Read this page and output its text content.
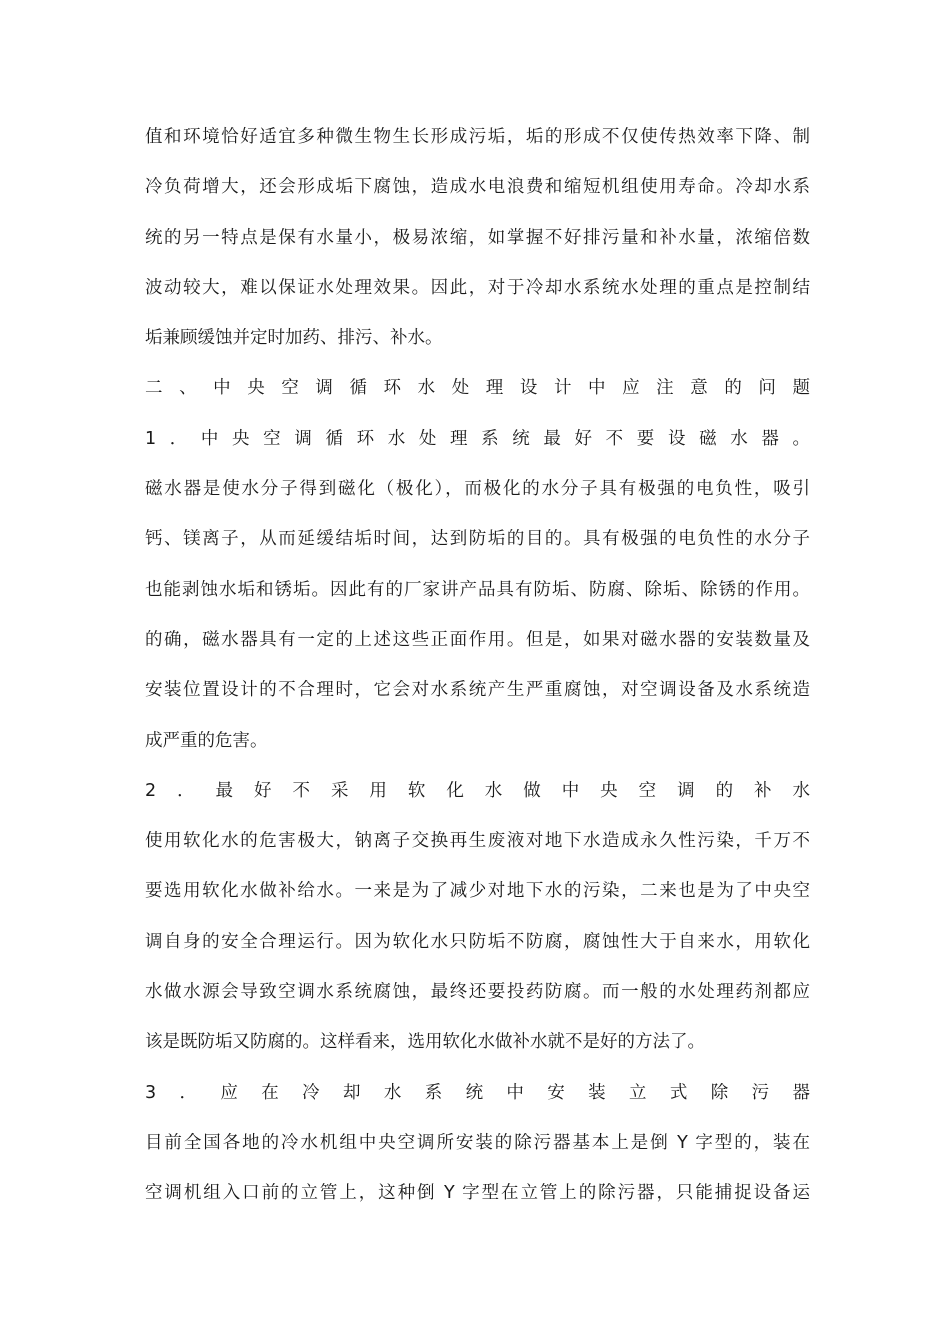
值和环境恰好适宜多种微生物生长形成污垢，垢的形成不仅使传热效率下降、制
冷负荷增大，还会形成垢下腐蚀，造成水电浪费和缩短机组使用寿命。冷却水系
统的另一特点是保有水量小，极易浓缩，如掌握不好排污量和补水量，浓缩倍数
波动较大，难以保证水处理效果。因此，对于冷却水系统水处理的重点是控制结
垢兼顾缓蚀并定时加药、排污、补水。
二、中央空调循环水处理设计中应注意的问题
1．中央空调循环水处理系统最好不要设磁水器。
磁水器是使水分子得到磁化（极化），而极化的水分子具有极强的电负性，吸引
钙、镁离子，从而延缓结垢时间，达到防垢的目的。具有极强的电负性的水分子
也能剥蚀水垢和锈垢。因此有的厂家讲产品具有防垢、防腐、除垢、除锈的作用。
的确，磁水器具有一定的上述这些正面作用。但是，如果对磁水器的安装数量及
安装位置设计的不合理时，它会对水系统产生严重腐蚀，对空调设备及水系统造
成严重的危害。
2．最好不采用软化水做中央空调的补水
使用软化水的危害极大，钠离子交换再生废液对地下水造成永久性污染，千万不
要选用软化水做补给水。一来是为了减少对地下水的污染，二来也是为了中央空
调自身的安全合理运行。因为软化水只防垢不防腐，腐蚀性大于自来水，用软化
水做水源会导致空调水系统腐蚀，最终还要投药防腐。而一般的水处理药剂都应
该是既防垢又防腐的。这样看来，选用软化水做补水就不是好的方法了。
3．应在冷却水系统中安装立式除污器
目前全国各地的冷水机组中央空调所安装的除污器基本上是倒 Y 字型的，装在
空调机组入口前的立管上，这种倒 Y 字型在立管上的除污器，只能捕捉设备运
